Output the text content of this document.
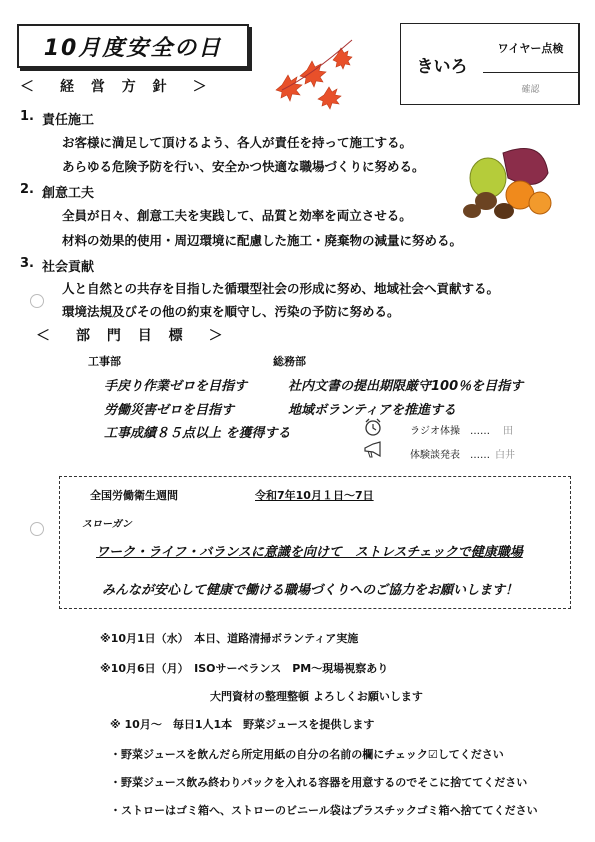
10月度安全の日	ワイヤー点検
きいろ
確認
＜　経 営 方 針　＞
1. 責任施工
お客様に満足して頂けるよう、各人が責任を持って施工する。
あらゆる危険予防を行い、安全かつ快適な職場づくりに努める。
2. 創意工夫
全員が日々、創意工夫を実践して、品質と効率を両立させる。
材料の効果的使用・周辺環境に配慮した施工・廃棄物の減量に努める。
3. 社会貢献
人と自然との共存を目指した循環型社会の形成に努め、地域社会へ貢献する。
環境法規及びその他の約束を順守し、汚染の予防に努める。
＜　部 門 目 標　＞
工事部
手戻り作業ゼロを目指す
労働災害ゼロを目指す
工事成績８５点以上 を獲得する
総務部
社内文書の提出期限厳守100％を目指す
地域ボランティアを推進する
ラジオ体操　…… 田
体験談発表　…… 白井
全国労働衛生週間	令和7年10月１日～7日
スローガン
ワーク・ライフ・バランスに意識を向けて　ストレスチェックで健康職場
みんなが安心して健康で働ける職場づくりへのご協力をお願いします！
※10月1日（水）　本日、道路清掃ボランティア実施
※10月6日（月）　ISOサーベランス　PM～現場視察あり
大門資材の整理整頓 よろしくお願いします
※ 10月～　毎日1人1本　野菜ジュースを提供します
・野菜ジュースを飲んだら所定用紙の自分の名前の欄にチェック☑してください
・野菜ジュース飲み終わりパックを入れる容器を用意するのでそこに捨ててください
・ストローはゴミ箱へ、ストローのビニール袋はプラスチックゴミ箱へ捨ててください
